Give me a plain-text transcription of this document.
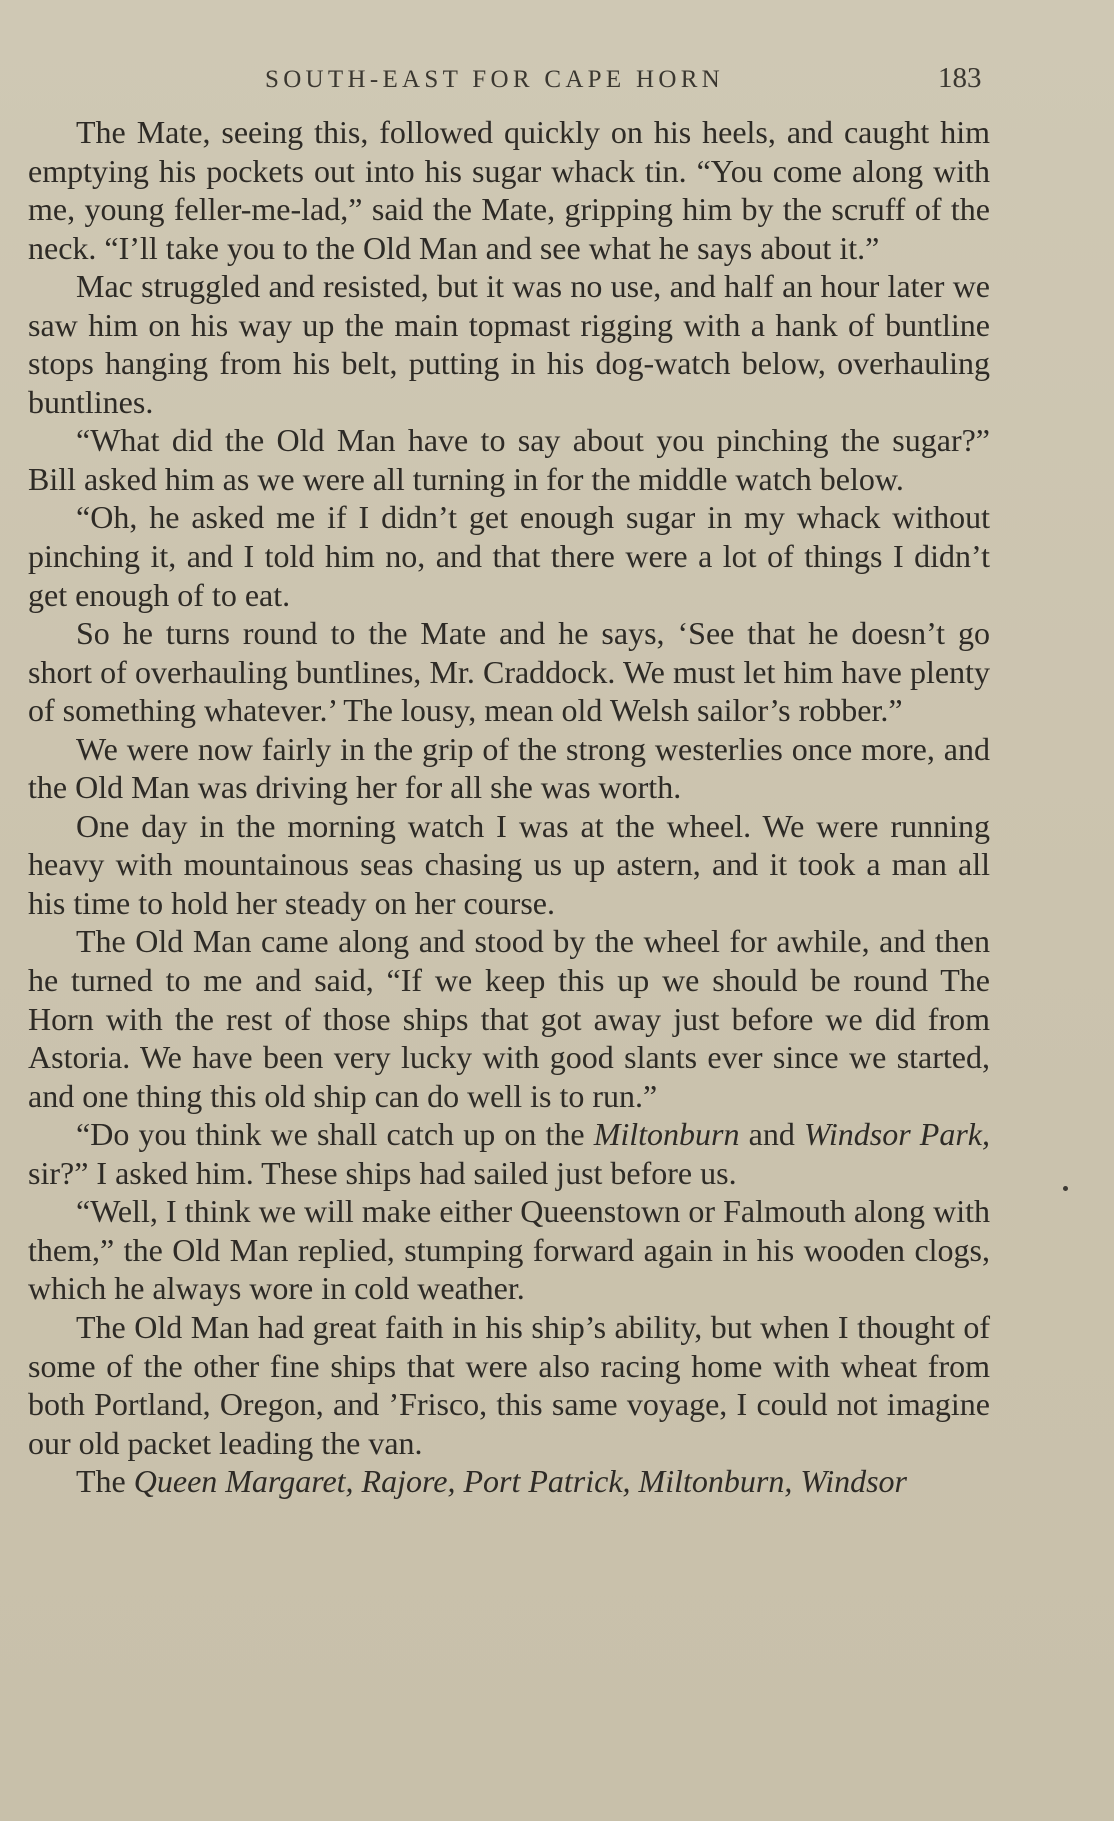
SOUTH-EAST FOR CAPE HORN	183

The Mate, seeing this, followed quickly on his heels, and caught him emptying his pockets out into his sugar whack tin. “You come along with me, young feller-me-lad,” said the Mate, gripping him by the scruff of the neck. “I’ll take you to the Old Man and see what he says about it.”

Mac struggled and resisted, but it was no use, and half an hour later we saw him on his way up the main topmast rigging with a hank of buntline stops hanging from his belt, putting in his dog-watch below, overhauling buntlines.

“What did the Old Man have to say about you pinching the sugar?” Bill asked him as we were all turning in for the middle watch below.

“Oh, he asked me if I didn’t get enough sugar in my whack without pinching it, and I told him no, and that there were a lot of things I didn’t get enough of to eat.

So he turns round to the Mate and he says, ‘See that he doesn’t go short of overhauling buntlines, Mr. Craddock. We must let him have plenty of something whatever.’ The lousy, mean old Welsh sailor’s robber.”

We were now fairly in the grip of the strong westerlies once more, and the Old Man was driving her for all she was worth.

One day in the morning watch I was at the wheel. We were running heavy with mountainous seas chasing us up astern, and it took a man all his time to hold her steady on her course.

The Old Man came along and stood by the wheel for awhile, and then he turned to me and said, “If we keep this up we should be round The Horn with the rest of those ships that got away just before we did from Astoria. We have been very lucky with good slants ever since we started, and one thing this old ship can do well is to run.”

“Do you think we shall catch up on the Miltonburn and Windsor Park, sir?” I asked him. These ships had sailed just before us.

“Well, I think we will make either Queenstown or Falmouth along with them,” the Old Man replied, stumping forward again in his wooden clogs, which he always wore in cold weather.

The Old Man had great faith in his ship’s ability, but when I thought of some of the other fine ships that were also racing home with wheat from both Portland, Oregon, and ’Frisco, this same voyage, I could not imagine our old packet leading the van.

The Queen Margaret, Rajore, Port Patrick, Miltonburn, Windsor
